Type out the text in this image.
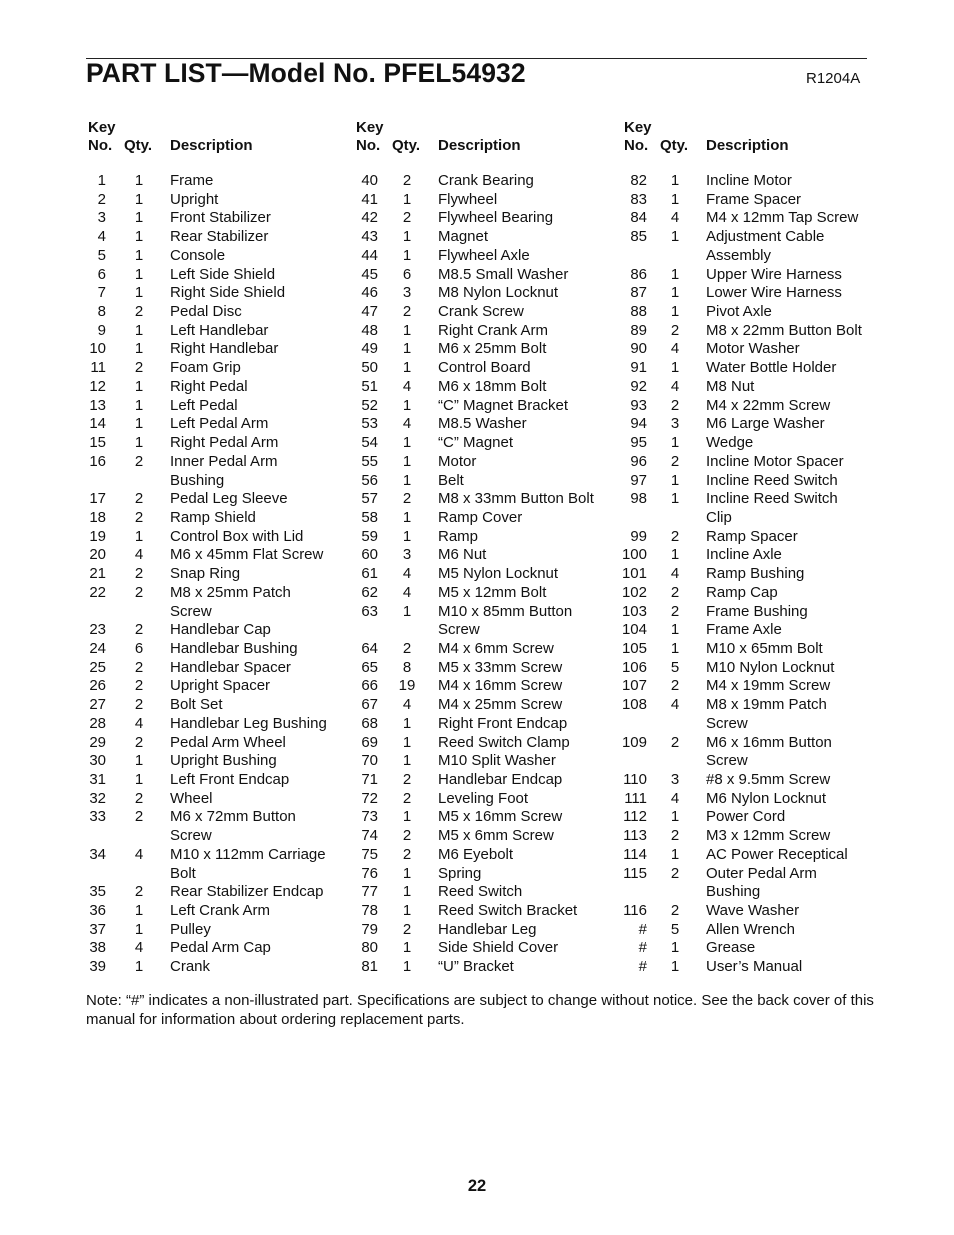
PART LIST—Model No. PFEL54932	R1204A
Key
No. Qty. Description
Key
No. Qty. Description
Key
No. Qty. Description
1	1	Frame
2	1	Upright
3	1	Front Stabilizer
4	1	Rear Stabilizer
5	1	Console
6	1	Left Side Shield
7	1	Right Side Shield
8	2	Pedal Disc
9	1	Left Handlebar
10	1	Right Handlebar
11	2	Foam Grip
12	1	Right Pedal
13	1	Left Pedal
14	1	Left Pedal Arm
15	1	Right Pedal Arm
16	2	Inner Pedal Arm
Bushing
17	2	Pedal Leg Sleeve
18	2	Ramp Shield
19	1	Control Box with Lid
20	4	M6 x 45mm Flat Screw
21	2	Snap Ring
22	2	M8 x 25mm Patch
Screw
23	2	Handlebar Cap
24	6	Handlebar Bushing
25	2	Handlebar Spacer
26	2	Upright Spacer
27	2	Bolt Set
28	4	Handlebar Leg Bushing
29	2	Pedal Arm Wheel
30	1	Upright Bushing
31	1	Left Front Endcap
32	2	Wheel
33	2	M6 x 72mm Button
Screw
34	4	M10 x 112mm Carriage
Bolt
35	2	Rear Stabilizer Endcap
36	1	Left Crank Arm
37	1	Pulley
38	4	Pedal Arm Cap
39	1	Crank
40	2	Crank Bearing
41	1	Flywheel
42	2	Flywheel Bearing
43	1	Magnet
44	1	Flywheel Axle
45	6	M8.5 Small Washer
46	3	M8 Nylon Locknut
47	2	Crank Screw
48	1	Right Crank Arm
49	1	M6 x 25mm Bolt
50	1	Control Board
51	4	M6 x 18mm Bolt
52	1	“C” Magnet Bracket
53	4	M8.5 Washer
54	1	“C” Magnet
55	1	Motor
56	1	Belt
57	2	M8 x 33mm Button Bolt
58	1	Ramp Cover
59	1	Ramp
60	3	M6 Nut
61	4	M5 Nylon Locknut
62	4	M5 x 12mm Bolt
63	1	M10 x 85mm Button
Screw
64	2	M4 x 6mm Screw
65	8	M5 x 33mm Screw
66	19	M4 x 16mm Screw
67	4	M4 x 25mm Screw
68	1	Right Front Endcap
69	1	Reed Switch Clamp
70	1	M10 Split Washer
71	2	Handlebar Endcap
72	2	Leveling Foot
73	1	M5 x 16mm Screw
74	2	M5 x 6mm Screw
75	2	M6 Eyebolt
76	1	Spring
77	1	Reed Switch
78	1	Reed Switch Bracket
79	2	Handlebar Leg
80	1	Side Shield Cover
81	1	“U” Bracket
82	1	Incline Motor
83	1	Frame Spacer
84	4	M4 x 12mm Tap Screw
85	1	Adjustment Cable
Assembly
86	1	Upper Wire Harness
87	1	Lower Wire Harness
88	1	Pivot Axle
89	2	M8 x 22mm Button Bolt
90	4	Motor Washer
91	1	Water Bottle Holder
92	4	M8 Nut
93	2	M4 x 22mm Screw
94	3	M6 Large Washer
95	1	Wedge
96	2	Incline Motor Spacer
97	1	Incline Reed Switch
98	1	Incline Reed Switch
Clip
99	2	Ramp Spacer
100	1	Incline Axle
101	4	Ramp Bushing
102	2	Ramp Cap
103	2	Frame Bushing
104	1	Frame Axle
105	1	M10 x 65mm Bolt
106	5	M10 Nylon Locknut
107	2	M4 x 19mm Screw
108	4	M8 x 19mm Patch
Screw
109	2	M6 x 16mm Button
Screw
110	3	#8 x 9.5mm Screw
111	4	M6 Nylon Locknut
112	1	Power Cord
113	2	M3 x 12mm Screw
114	1	AC Power Receptical
115	2	Outer Pedal Arm
Bushing
116	2	Wave Washer
#	5	Allen Wrench
#	1	Grease
#	1	User’s Manual
Note: “#” indicates a non-illustrated part. Specifications are subject to change without notice. See the back cover of this manual for information about ordering replacement parts.
22
